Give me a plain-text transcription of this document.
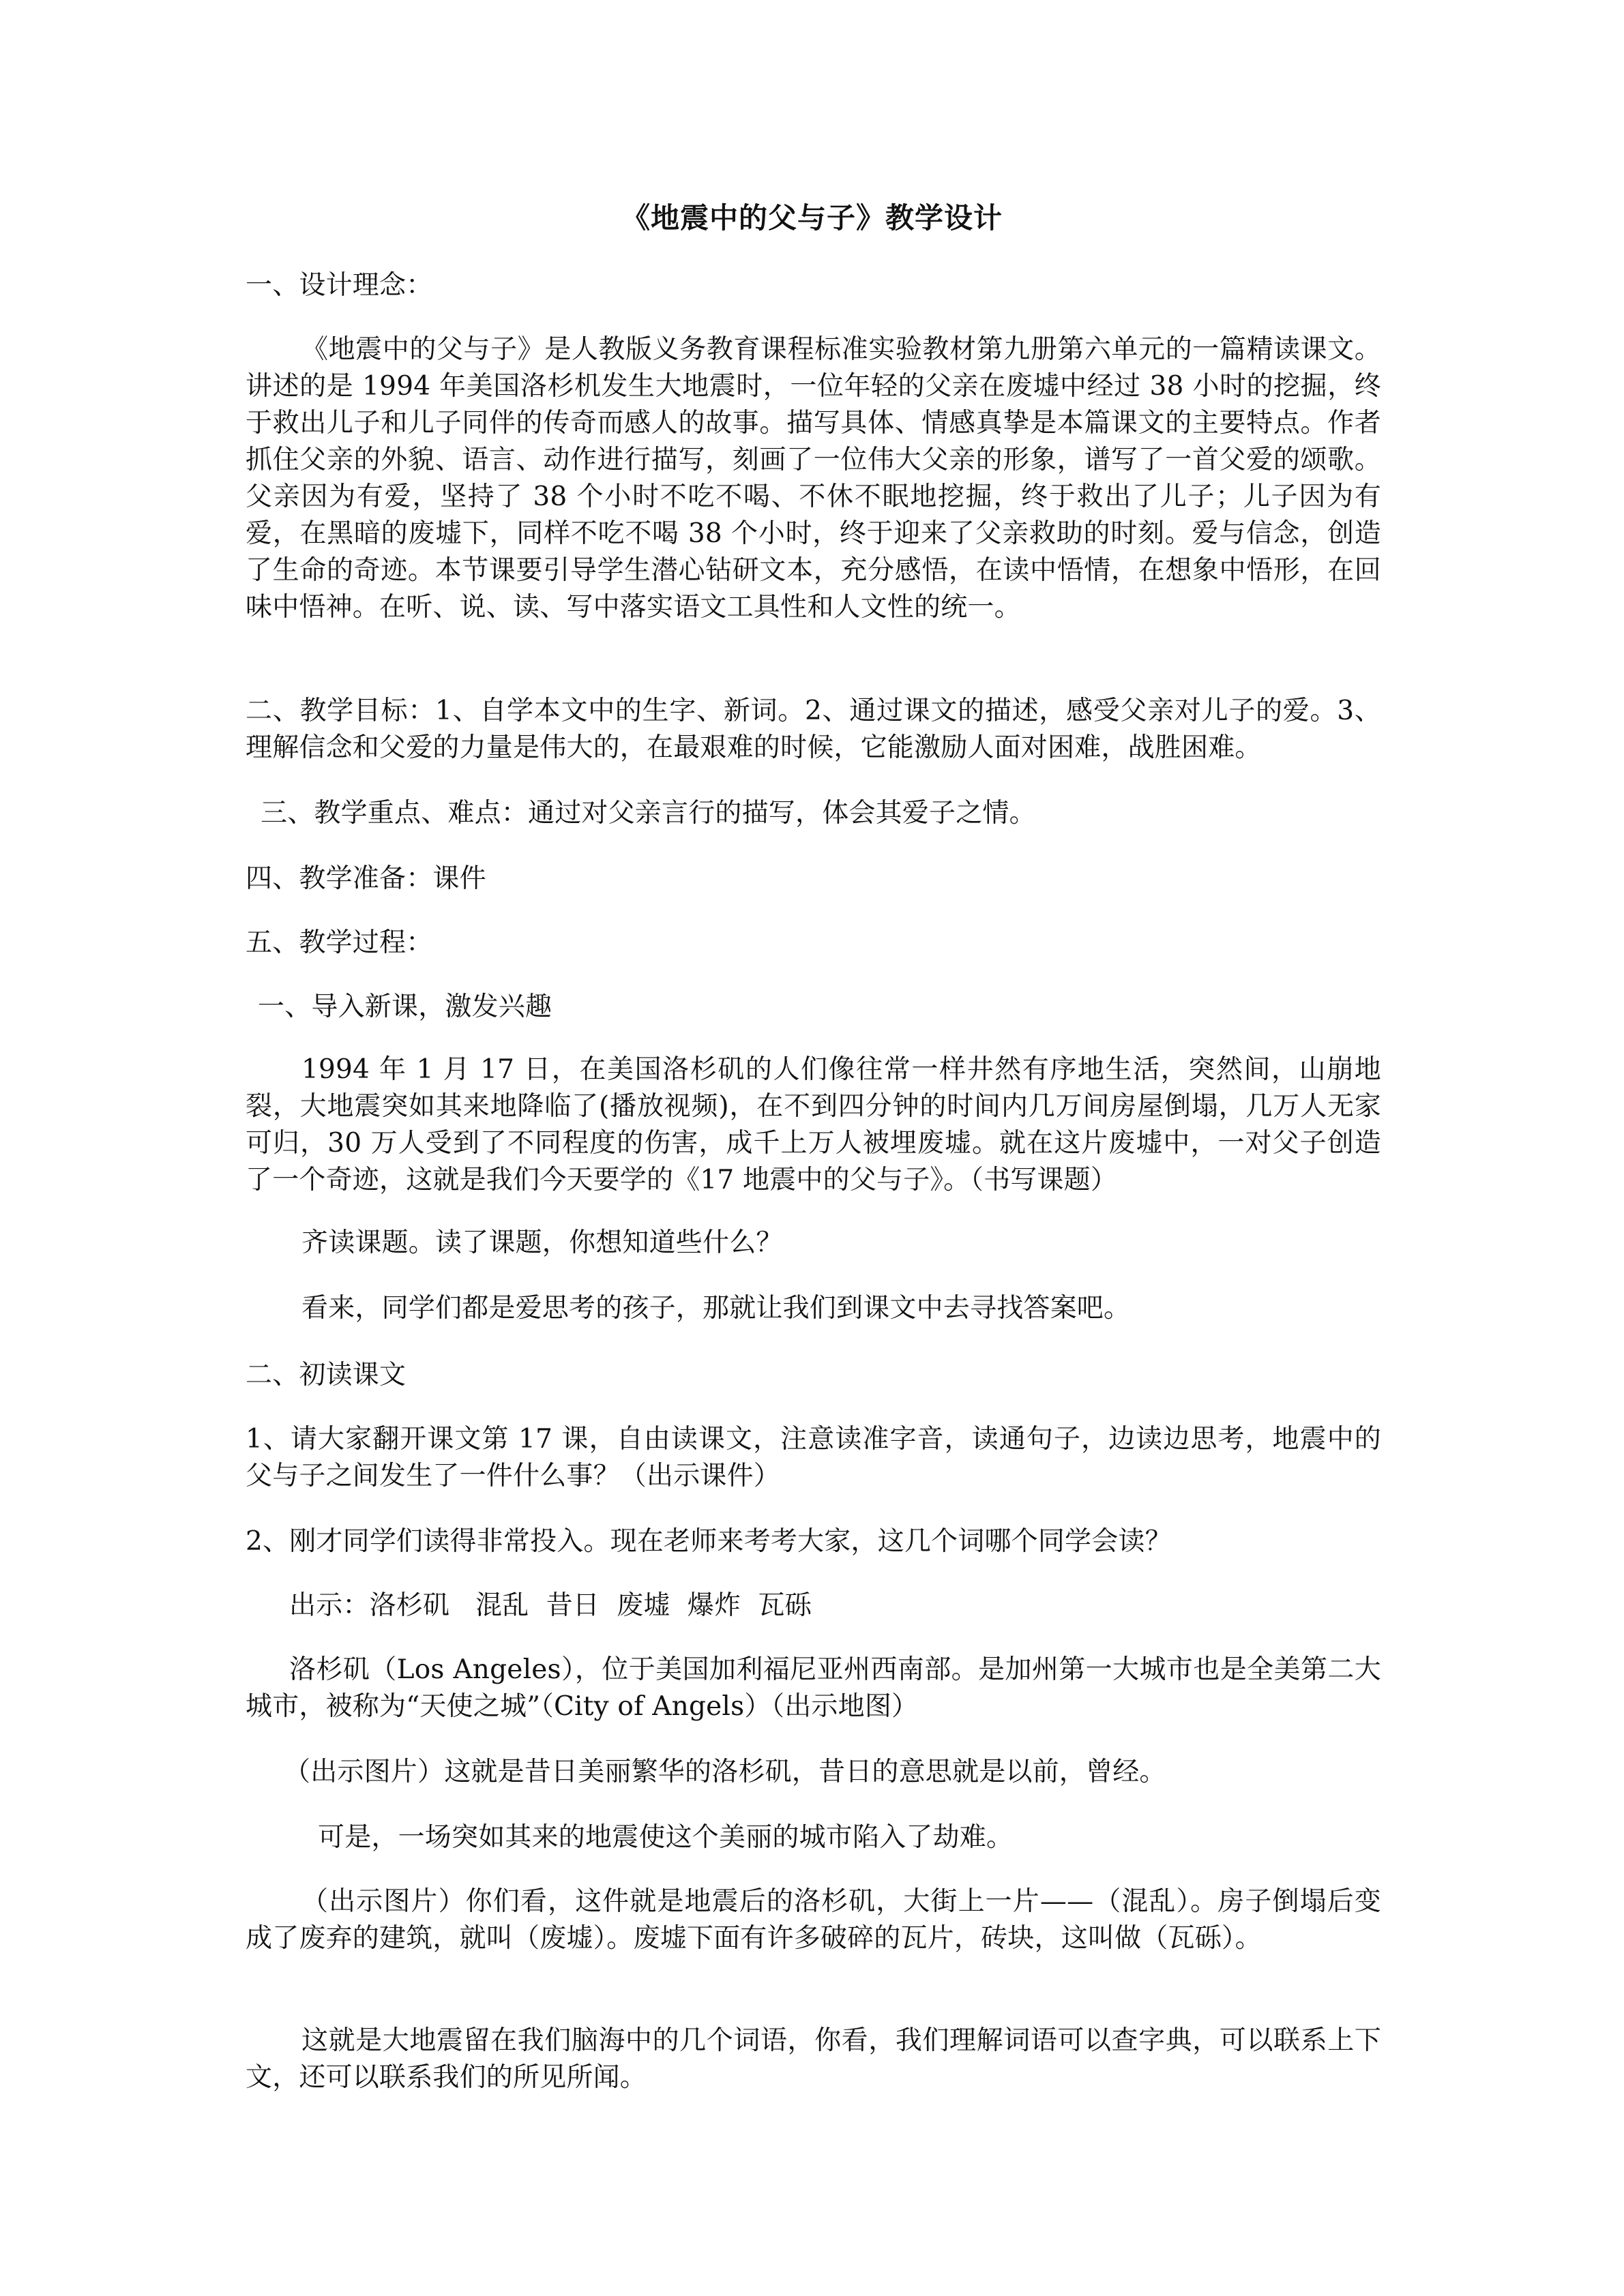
《地震中的父与子》教学设计
一、设计理念：
《地震中的父与子》是人教版义务教育课程标准实验教材第九册第六单元的一篇精读课文。讲述的是 1994 年美国洛杉机发生大地震时，一位年轻的父亲在废墟中经过 38 小时的挖掘，终于救出儿子和儿子同伴的传奇而感人的故事。描写具体、情感真挚是本篇课文的主要特点。作者抓住父亲的外貌、语言、动作进行描写，刻画了一位伟大父亲的形象，谱写了一首父爱的颂歌。父亲因为有爱，坚持了 38 个小时不吃不喝、不休不眠地挖掘，终于救出了儿子；儿子因为有爱，在黑暗的废墟下，同样不吃不喝 38 个小时，终于迎来了父亲救助的时刻。爱与信念，创造了生命的奇迹。本节课要引导学生潜心钻研文本，充分感悟，在读中悟情，在想象中悟形，在回味中悟神。在听、说、读、写中落实语文工具性和人文性的统一。
二、教学目标：1、自学本文中的生字、新词。2、通过课文的描述，感受父亲对儿子的爱。3、理解信念和父爱的力量是伟大的，在最艰难的时候，它能激励人面对困难，战胜困难。
三、教学重点、难点：通过对父亲言行的描写，体会其爱子之情。
四、教学准备：课件
五、教学过程：
一、导入新课，激发兴趣
1994 年 1 月 17 日，在美国洛杉矶的人们像往常一样井然有序地生活，突然间，山崩地裂，大地震突如其来地降临了(播放视频)，在不到四分钟的时间内几万间房屋倒塌，几万人无家可归，30 万人受到了不同程度的伤害，成千上万人被埋废墟。就在这片废墟中，一对父子创造了一个奇迹，这就是我们今天要学的《17 地震中的父与子》。（书写课题）
齐读课题。读了课题，你想知道些什么？
看来，同学们都是爱思考的孩子，那就让我们到课文中去寻找答案吧。
二、初读课文
1、请大家翻开课文第 17 课，自由读课文，注意读准字音，读通句子，边读边思考，地震中的父与子之间发生了一件什么事？（出示课件）
2、刚才同学们读得非常投入。现在老师来考考大家，这几个词哪个同学会读？
出示：洛杉矶   混乱  昔日  废墟  爆炸  瓦砾
洛杉矶（Los Angeles），位于美国加利福尼亚州西南部。是加州第一大城市也是全美第二大城市，被称为“天使之城”（City of Angels）（出示地图）
（出示图片）这就是昔日美丽繁华的洛杉矶，昔日的意思就是以前，曾经。
可是，一场突如其来的地震使这个美丽的城市陷入了劫难。
（出示图片）你们看，这件就是地震后的洛杉矶，大街上一片——（混乱）。房子倒塌后变成了废弃的建筑，就叫（废墟）。废墟下面有许多破碎的瓦片，砖块，这叫做（瓦砾）。
这就是大地震留在我们脑海中的几个词语，你看，我们理解词语可以查字典，可以联系上下文，还可以联系我们的所见所闻。
